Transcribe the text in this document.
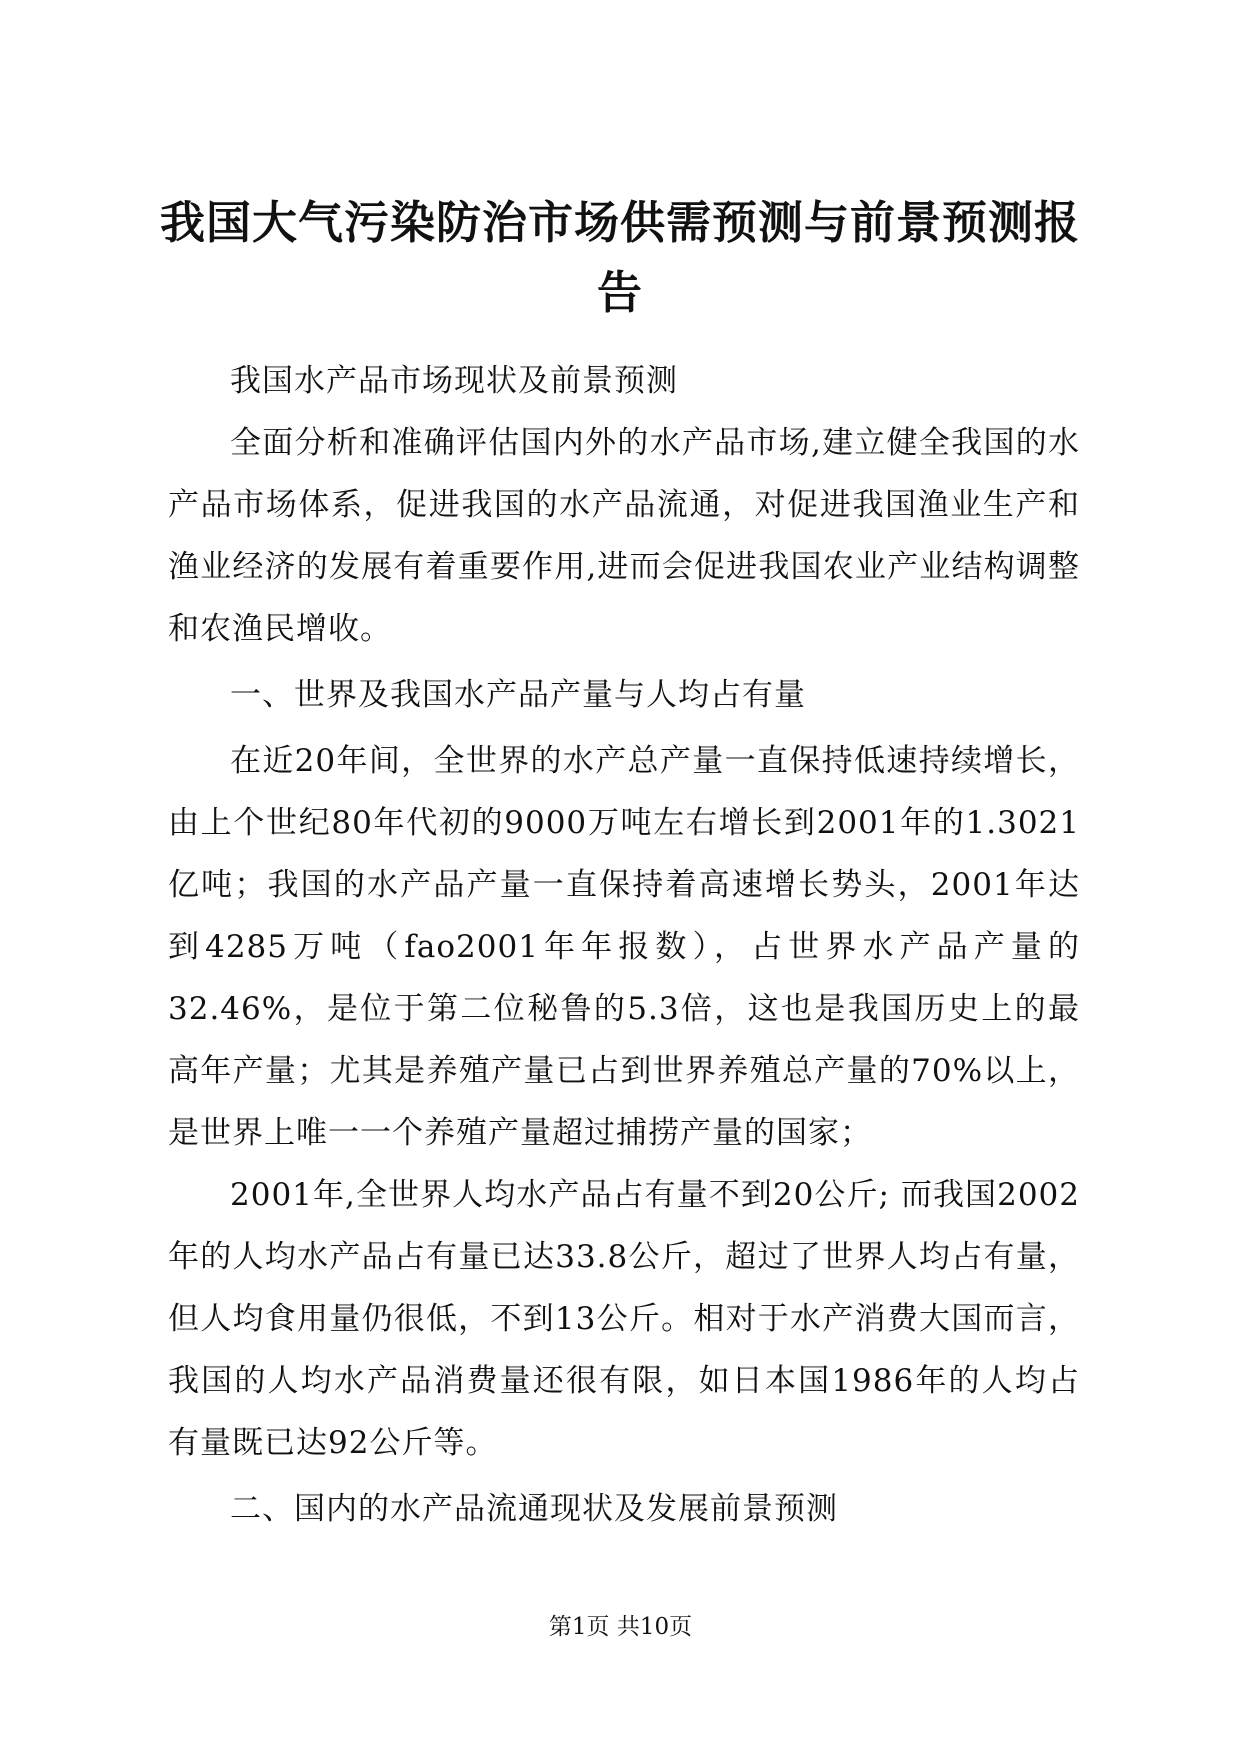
我国大气污染防治市场供需预测与前景预测报告

我国水产品市场现状及前景预测

全面分析和准确评估国内外的水产品市场,建立健全我国的水产品市场体系，促进我国的水产品流通，对促进我国渔业生产和渔业经济的发展有着重要作用,进而会促进我国农业产业结构调整和农渔民增收。

一、世界及我国水产品产量与人均占有量

在近20年间，全世界的水产总产量一直保持低速持续增长，由上个世纪80年代初的9000万吨左右增长到2001年的1.3021亿吨；我国的水产品产量一直保持着高速增长势头，2001年达到4285万吨（fao2001年年报数），占世界水产品产量的32.46%，是位于第二位秘鲁的5.3倍，这也是我国历史上的最高年产量；尤其是养殖产量已占到世界养殖总产量的70%以上，是世界上唯一一个养殖产量超过捕捞产量的国家；

2001年,全世界人均水产品占有量不到20公斤; 而我国2002年的人均水产品占有量已达33.8公斤，超过了世界人均占有量，但人均食用量仍很低，不到13公斤。相对于水产消费大国而言，我国的人均水产品消费量还很有限，如日本国1986年的人均占有量既已达92公斤等。

二、国内的水产品流通现状及发展前景预测

第1页 共10页
